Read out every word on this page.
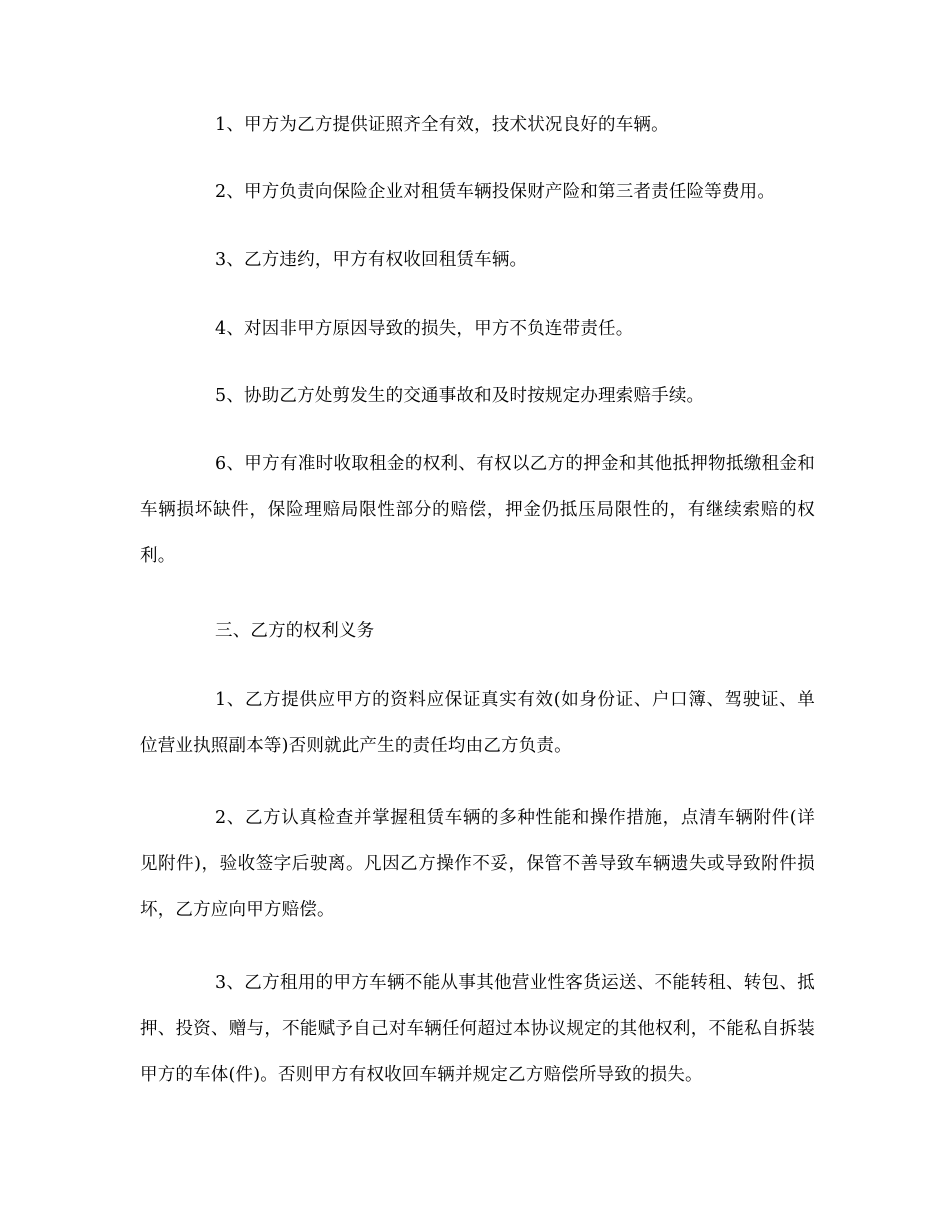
1、甲方为乙方提供证照齐全有效，技术状况良好的车辆。

2、甲方负责向保险企业对租赁车辆投保财产险和第三者责任险等费用。

3、乙方违约，甲方有权收回租赁车辆。

4、对因非甲方原因导致的损失，甲方不负连带责任。

5、协助乙方处剪发生的交通事故和及时按规定办理索赔手续。

6、甲方有准时收取租金的权利、有权以乙方的押金和其他抵押物抵缴租金和车辆损坏缺件，保险理赔局限性部分的赔偿，押金仍抵压局限性的，有继续索赔的权利。

三、乙方的权利义务

1、乙方提供应甲方的资料应保证真实有效(如身份证、户口簿、驾驶证、单位营业执照副本等)否则就此产生的责任均由乙方负责。

2、乙方认真检查并掌握租赁车辆的多种性能和操作措施，点清车辆附件(详见附件)，验收签字后驶离。凡因乙方操作不妥，保管不善导致车辆遗失或导致附件损坏，乙方应向甲方赔偿。

3、乙方租用的甲方车辆不能从事其他营业性客货运送、不能转租、转包、抵押、投资、赠与，不能赋予自己对车辆任何超过本协议规定的其他权利，不能私自拆装甲方的车体(件)。否则甲方有权收回车辆并规定乙方赔偿所导致的损失。
